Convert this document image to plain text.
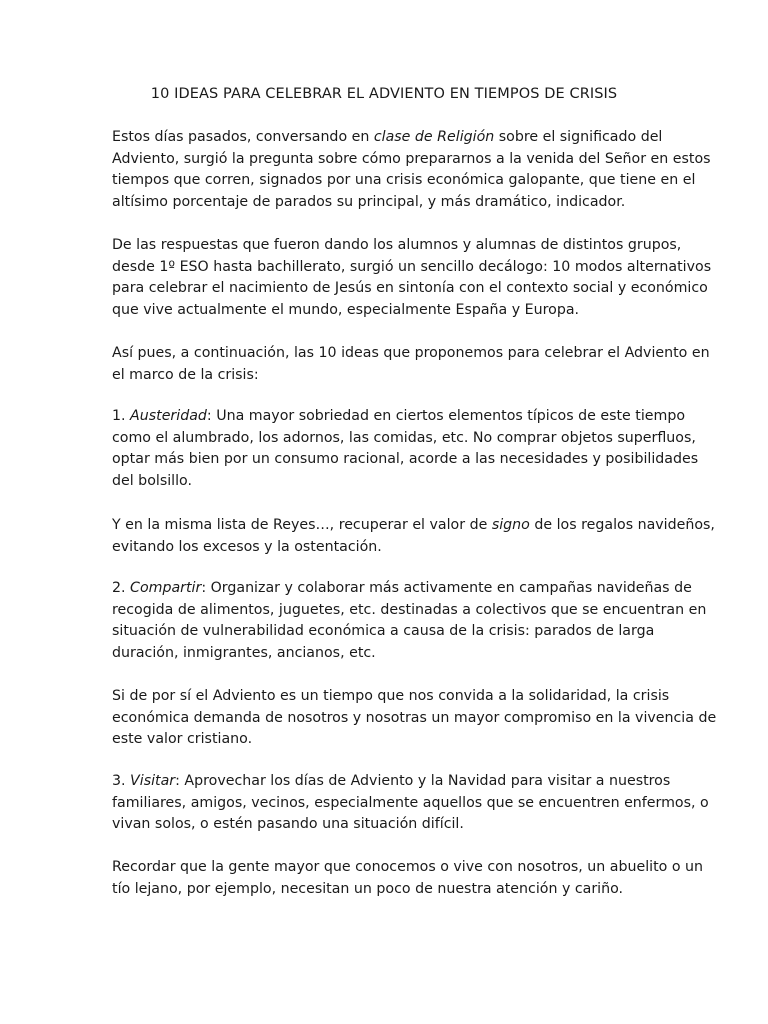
10 IDEAS PARA CELEBRAR EL ADVIENTO EN TIEMPOS DE CRISIS

Estos días pasados, conversando en clase de Religión sobre el significado del
Adviento, surgió la pregunta sobre cómo prepararnos a la venida del Señor en estos
tiempos que corren, signados por una crisis económica galopante, que tiene en el
altísimo porcentaje de parados su principal, y más dramático, indicador.

De las respuestas que fueron dando los alumnos y alumnas de distintos grupos,
desde 1º ESO hasta bachillerato, surgió un sencillo decálogo: 10 modos alternativos
para celebrar el nacimiento de Jesús en sintonía con el contexto social y económico
que vive actualmente el mundo, especialmente España y Europa.

Así pues, a continuación, las 10 ideas que proponemos para celebrar el Adviento en
el marco de la crisis:

1. Austeridad: Una mayor sobriedad en ciertos elementos típicos de este tiempo
como el alumbrado, los adornos, las comidas, etc. No comprar objetos superfluos,
optar más bien por un consumo racional, acorde a las necesidades y posibilidades
del bolsillo.

Y en la misma lista de Reyes…, recuperar el valor de signo de los regalos navideños,
evitando los excesos y la ostentación.

2. Compartir: Organizar y colaborar más activamente en campañas navideñas de
recogida de alimentos, juguetes, etc. destinadas a colectivos que se encuentran en
situación de vulnerabilidad económica a causa de la crisis: parados de larga
duración, inmigrantes, ancianos, etc.

Si de por sí el Adviento es un tiempo que nos convida a la solidaridad, la crisis
económica demanda de nosotros y nosotras un mayor compromiso en la vivencia de
este valor cristiano.

3. Visitar: Aprovechar los días de Adviento y la Navidad para visitar a nuestros
familiares, amigos, vecinos, especialmente aquellos que se encuentren enfermos, o
vivan solos, o estén pasando una situación difícil.

Recordar que la gente mayor que conocemos o vive con nosotros, un abuelito o un
tío lejano, por ejemplo, necesitan un poco de nuestra atención y cariño.
